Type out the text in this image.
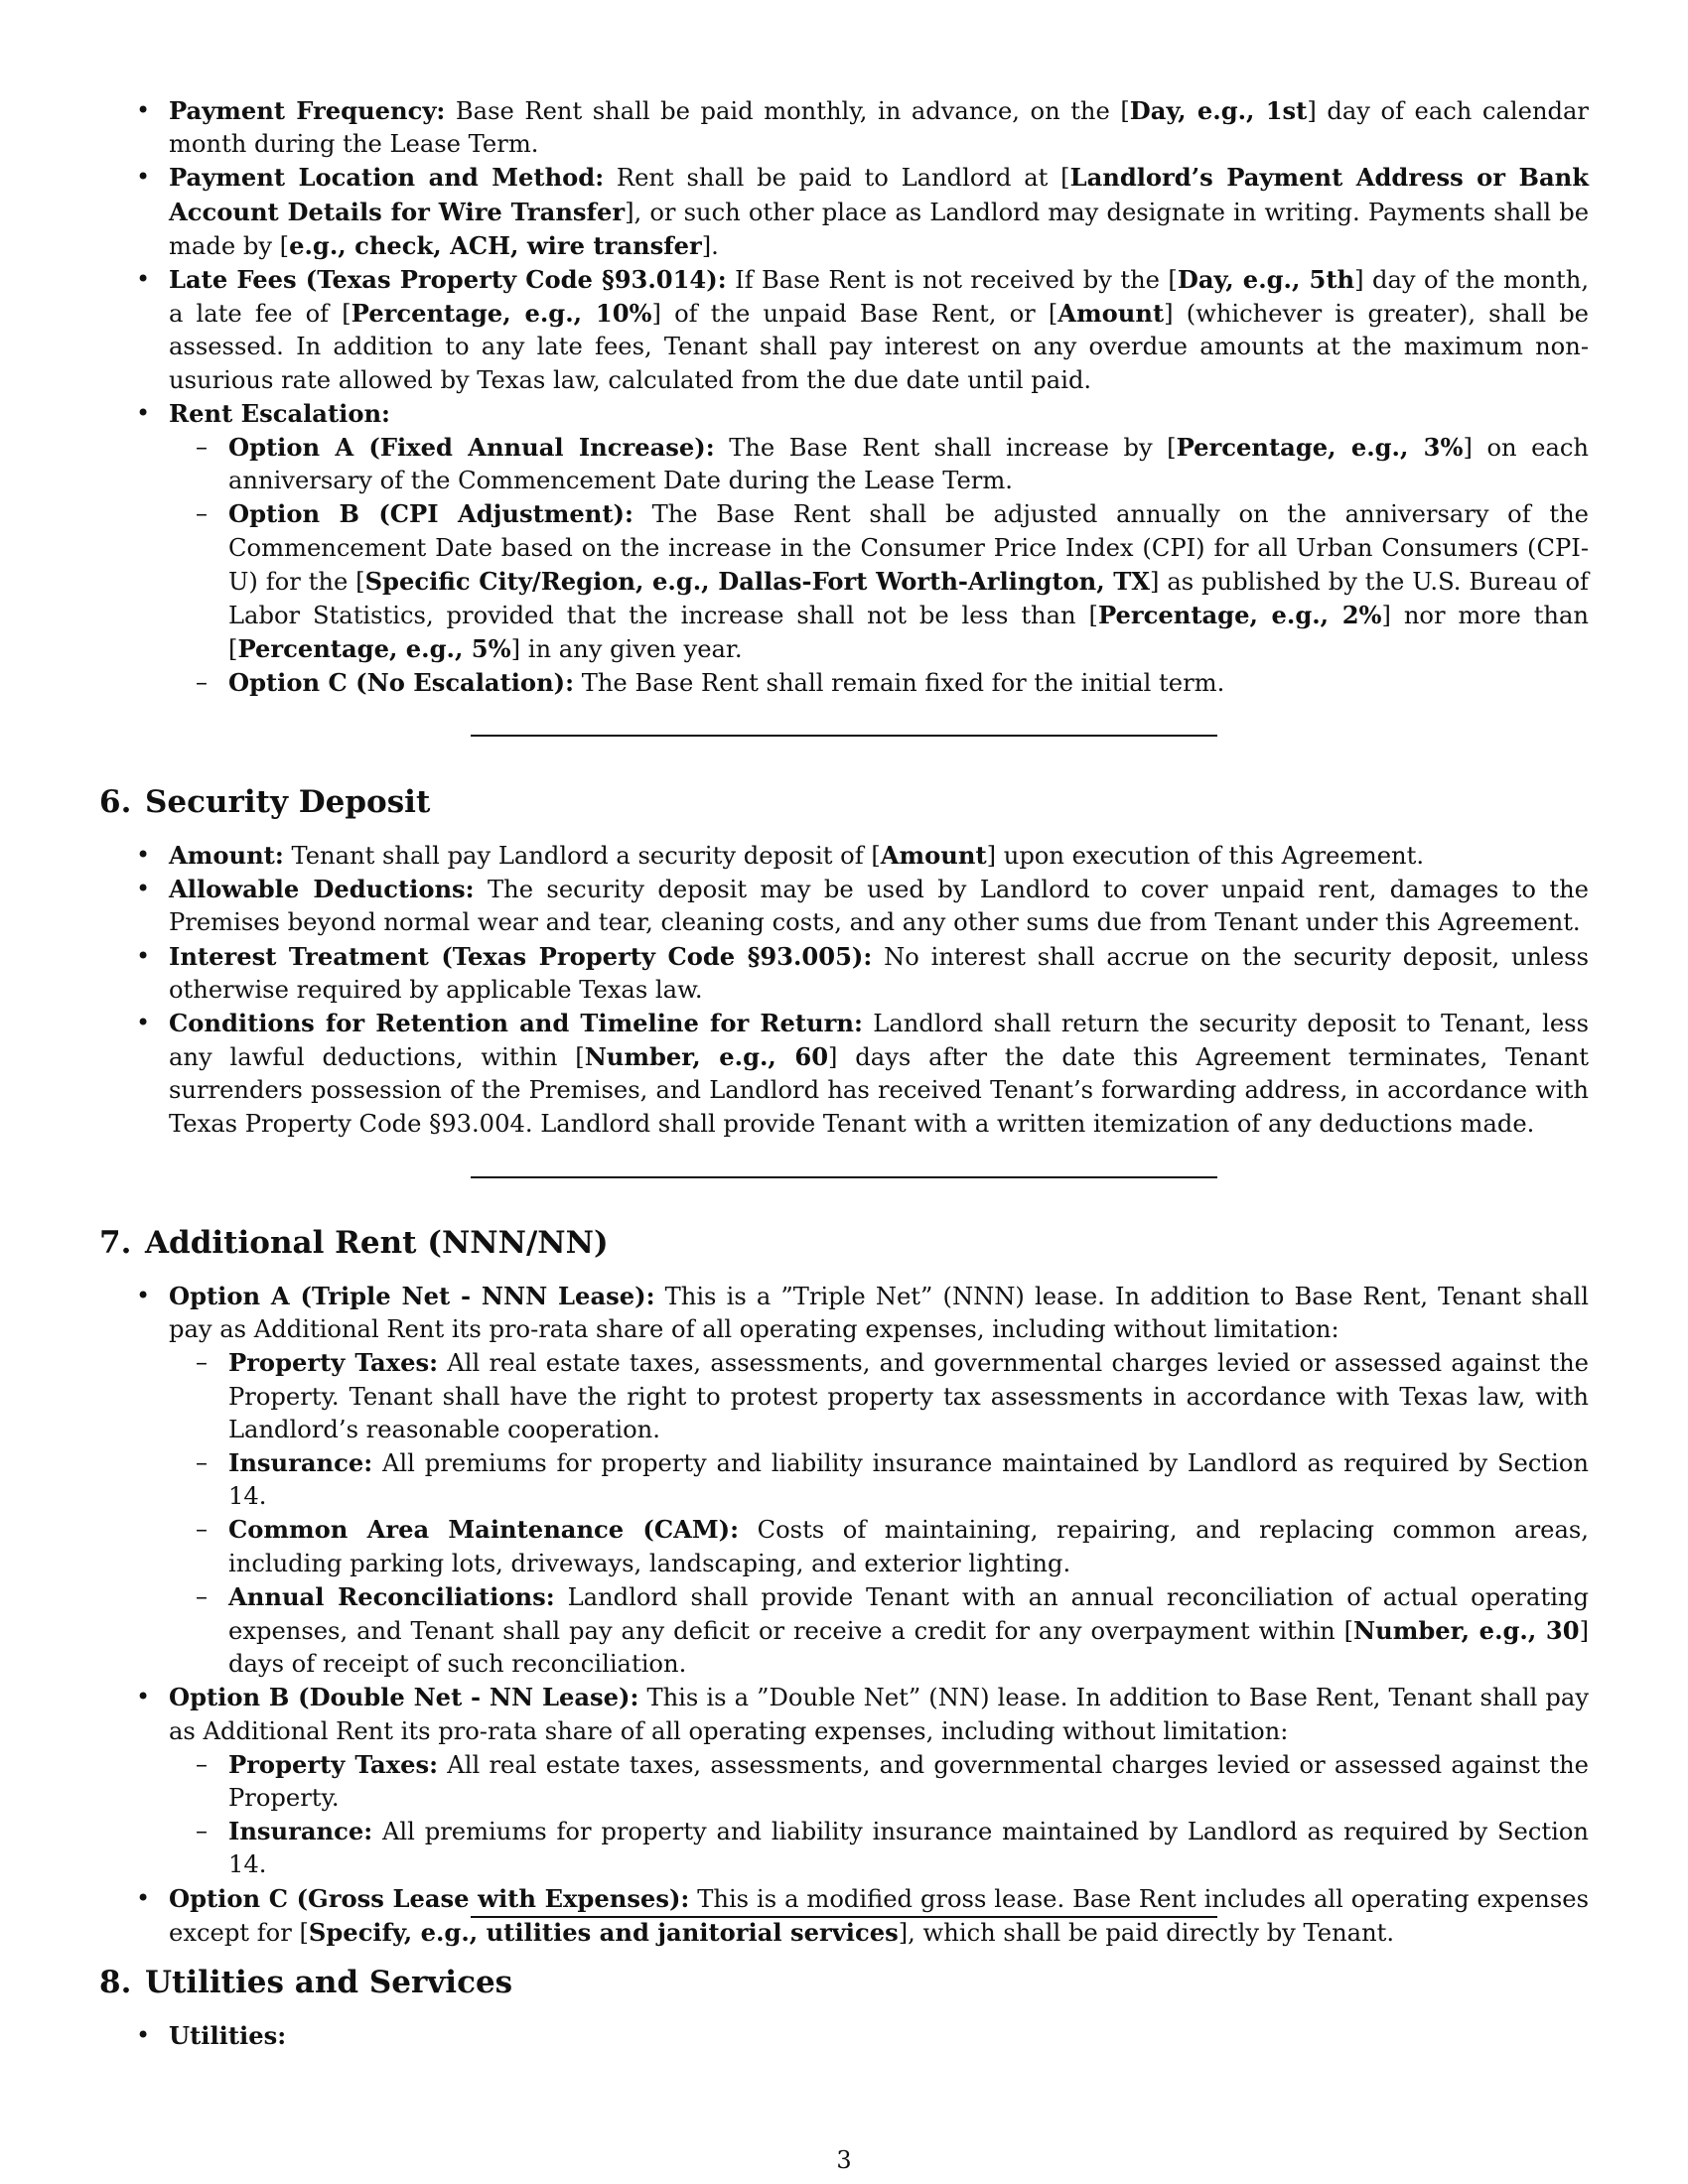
• Payment Frequency: Base Rent shall be paid monthly, in advance, on the [Day, e.g., 1st] day of each calendar month during the Lease Term.
• Payment Location and Method: Rent shall be paid to Landlord at [Landlord’s Payment Address or Bank Account Details for Wire Transfer], or such other place as Landlord may designate in writing. Payments shall be made by [e.g., check, ACH, wire transfer].
• Late Fees (Texas Property Code §93.014): If Base Rent is not received by the [Day, e.g., 5th] day of the month, a late fee of [Percentage, e.g., 10%] of the unpaid Base Rent, or [Amount] (whichever is greater), shall be assessed. In addition to any late fees, Tenant shall pay interest on any overdue amounts at the maximum non-usurious rate allowed by Texas law, calculated from the due date until paid.
• Rent Escalation:
– Option A (Fixed Annual Increase): The Base Rent shall increase by [Percentage, e.g., 3%] on each anniversary of the Commencement Date during the Lease Term.
– Option B (CPI Adjustment): The Base Rent shall be adjusted annually on the anniversary of the Commencement Date based on the increase in the Consumer Price Index (CPI) for all Urban Consumers (CPI-U) for the [Specific City/Region, e.g., Dallas-Fort Worth-Arlington, TX] as published by the U.S. Bureau of Labor Statistics, provided that the increase shall not be less than [Percentage, e.g., 2%] nor more than [Percentage, e.g., 5%] in any given year.
– Option C (No Escalation): The Base Rent shall remain fixed for the initial term.
6. Security Deposit
• Amount: Tenant shall pay Landlord a security deposit of [Amount] upon execution of this Agreement.
• Allowable Deductions: The security deposit may be used by Landlord to cover unpaid rent, damages to the Premises beyond normal wear and tear, cleaning costs, and any other sums due from Tenant under this Agreement.
• Interest Treatment (Texas Property Code §93.005): No interest shall accrue on the security deposit, unless otherwise required by applicable Texas law.
• Conditions for Retention and Timeline for Return: Landlord shall return the security deposit to Tenant, less any lawful deductions, within [Number, e.g., 60] days after the date this Agreement terminates, Tenant surrenders possession of the Premises, and Landlord has received Tenant’s forwarding address, in accordance with Texas Property Code §93.004. Landlord shall provide Tenant with a written itemization of any deductions made.
7. Additional Rent (NNN/NN)
• Option A (Triple Net - NNN Lease): This is a ”Triple Net” (NNN) lease. In addition to Base Rent, Tenant shall pay as Additional Rent its pro-rata share of all operating expenses, including without limitation:
– Property Taxes: All real estate taxes, assessments, and governmental charges levied or assessed against the Property. Tenant shall have the right to protest property tax assessments in accordance with Texas law, with Landlord’s reasonable cooperation.
– Insurance: All premiums for property and liability insurance maintained by Landlord as required by Section 14.
– Common Area Maintenance (CAM): Costs of maintaining, repairing, and replacing common areas, including parking lots, driveways, landscaping, and exterior lighting.
– Annual Reconciliations: Landlord shall provide Tenant with an annual reconciliation of actual operating expenses, and Tenant shall pay any deficit or receive a credit for any overpayment within [Number, e.g., 30] days of receipt of such reconciliation.
• Option B (Double Net - NN Lease): This is a ”Double Net” (NN) lease. In addition to Base Rent, Tenant shall pay as Additional Rent its pro-rata share of all operating expenses, including without limitation:
– Property Taxes: All real estate taxes, assessments, and governmental charges levied or assessed against the Property.
– Insurance: All premiums for property and liability insurance maintained by Landlord as required by Section 14.
• Option C (Gross Lease with Expenses): This is a modified gross lease. Base Rent includes all operating expenses except for [Specify, e.g., utilities and janitorial services], which shall be paid directly by Tenant.
8. Utilities and Services
• Utilities:
3
